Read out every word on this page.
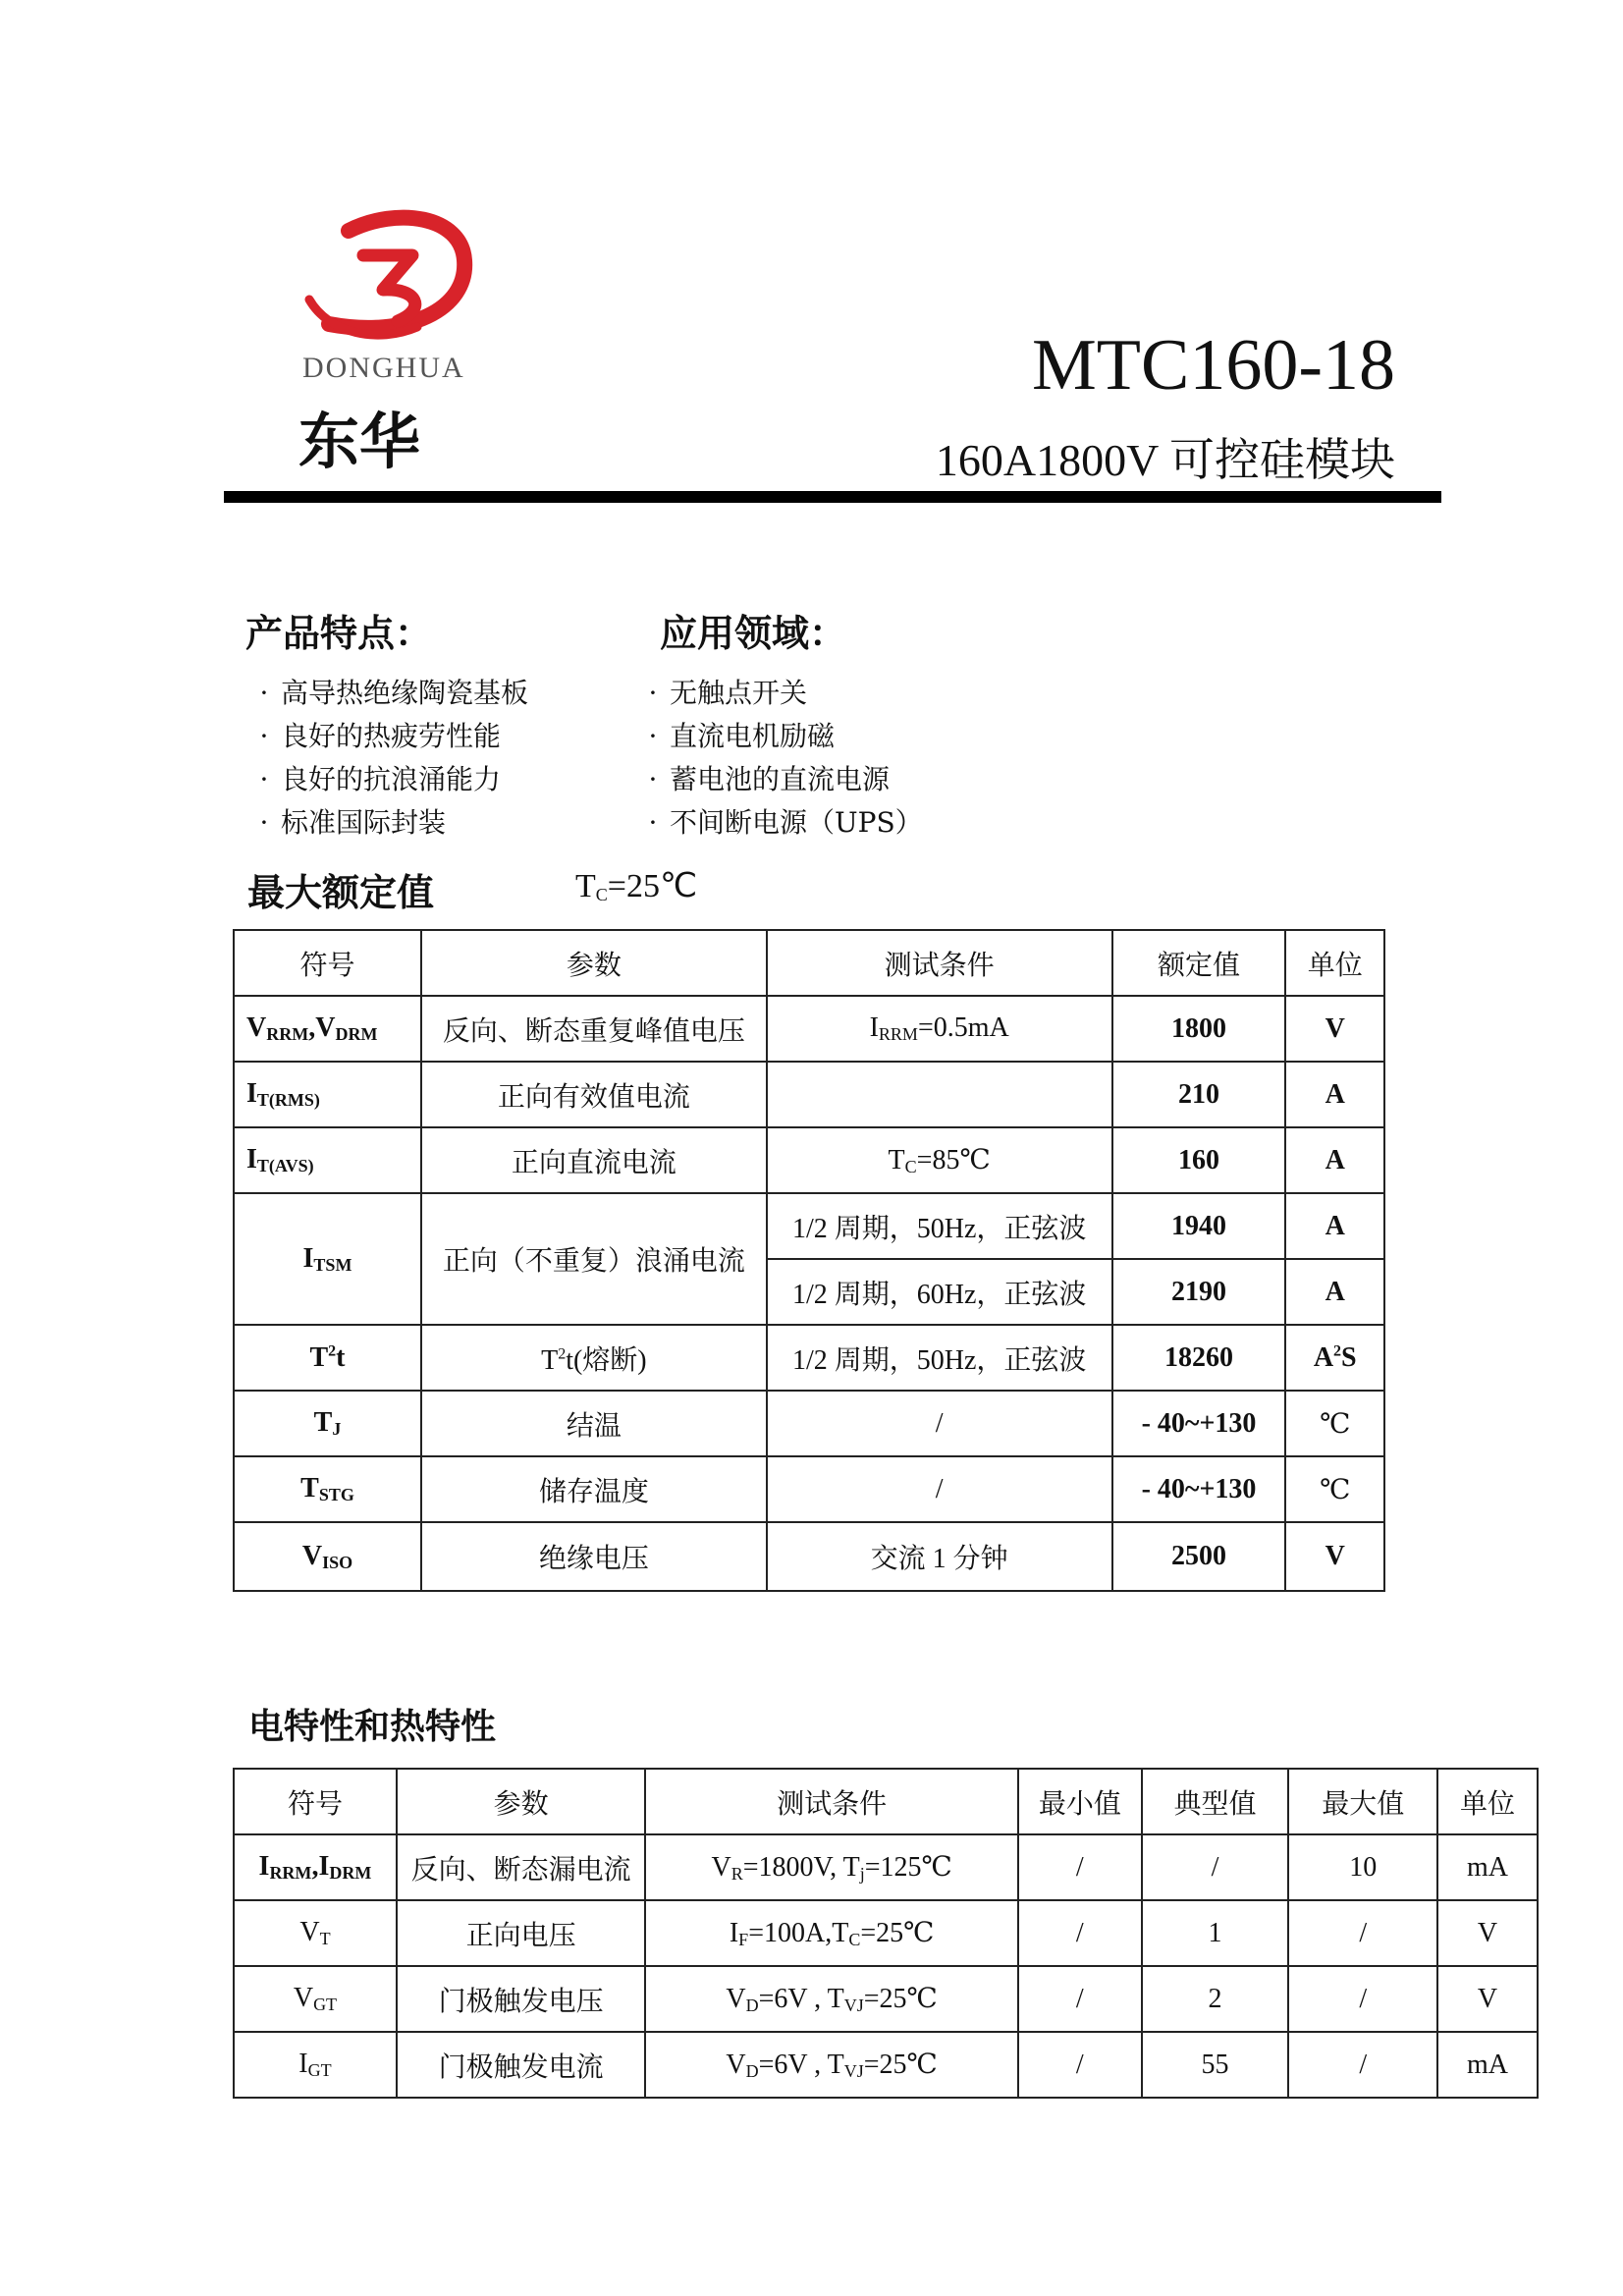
DONGHUA
东华
MTC160-18
160A1800V 可控硅模块
产品特点：
· 高导热绝缘陶瓷基板
· 良好的热疲劳性能
· 良好的抗浪涌能力
· 标准国际封装
应用领域：
· 无触点开关
· 直流电机励磁
· 蓄电池的直流电源
· 不间断电源（UPS）
最大额定值	$T_C=25℃$
符号	参数	测试条件	额定值	单位
$V_{RRM},V_{DRM}$	反向、断态重复峰值电压	$I_{RRM}=0.5mA$	1800	V
$I_{T(RMS)}$	正向有效值电流		210	A
$I_{T(AVS)}$	正向直流电流	$T_C=85℃$	160	A
$I_{TSM}$	正向（不重复）浪涌电流	1/2 周期，50Hz，正弦波	1940	A
		1/2 周期，60Hz，正弦波	2190	A
$T^2t$	$T^2t$(熔断)	1/2 周期，50Hz，正弦波	18260	$A^2S$
$T_J$	结温	/	- 40~+130	℃
$T_{STG}$	储存温度	/	- 40~+130	℃
$V_{ISO}$	绝缘电压	交流 1 分钟	2500	V
电特性和热特性
符号	参数	测试条件	最小值	典型值	最大值	单位
$I_{RRM},I_{DRM}$	反向、断态漏电流	$V_R=1800V$, $T_j=125℃$	/	/	10	mA
$V_T$	正向电压	$I_F=100A,T_C=25℃$	/	1	/	V
$V_{GT}$	门极触发电压	$V_D=6V$ , $T_{VJ}=25℃$	/	2	/	V
$I_{GT}$	门极触发电流	$V_D=6V$ , $T_{VJ}=25℃$	/	55	/	mA
